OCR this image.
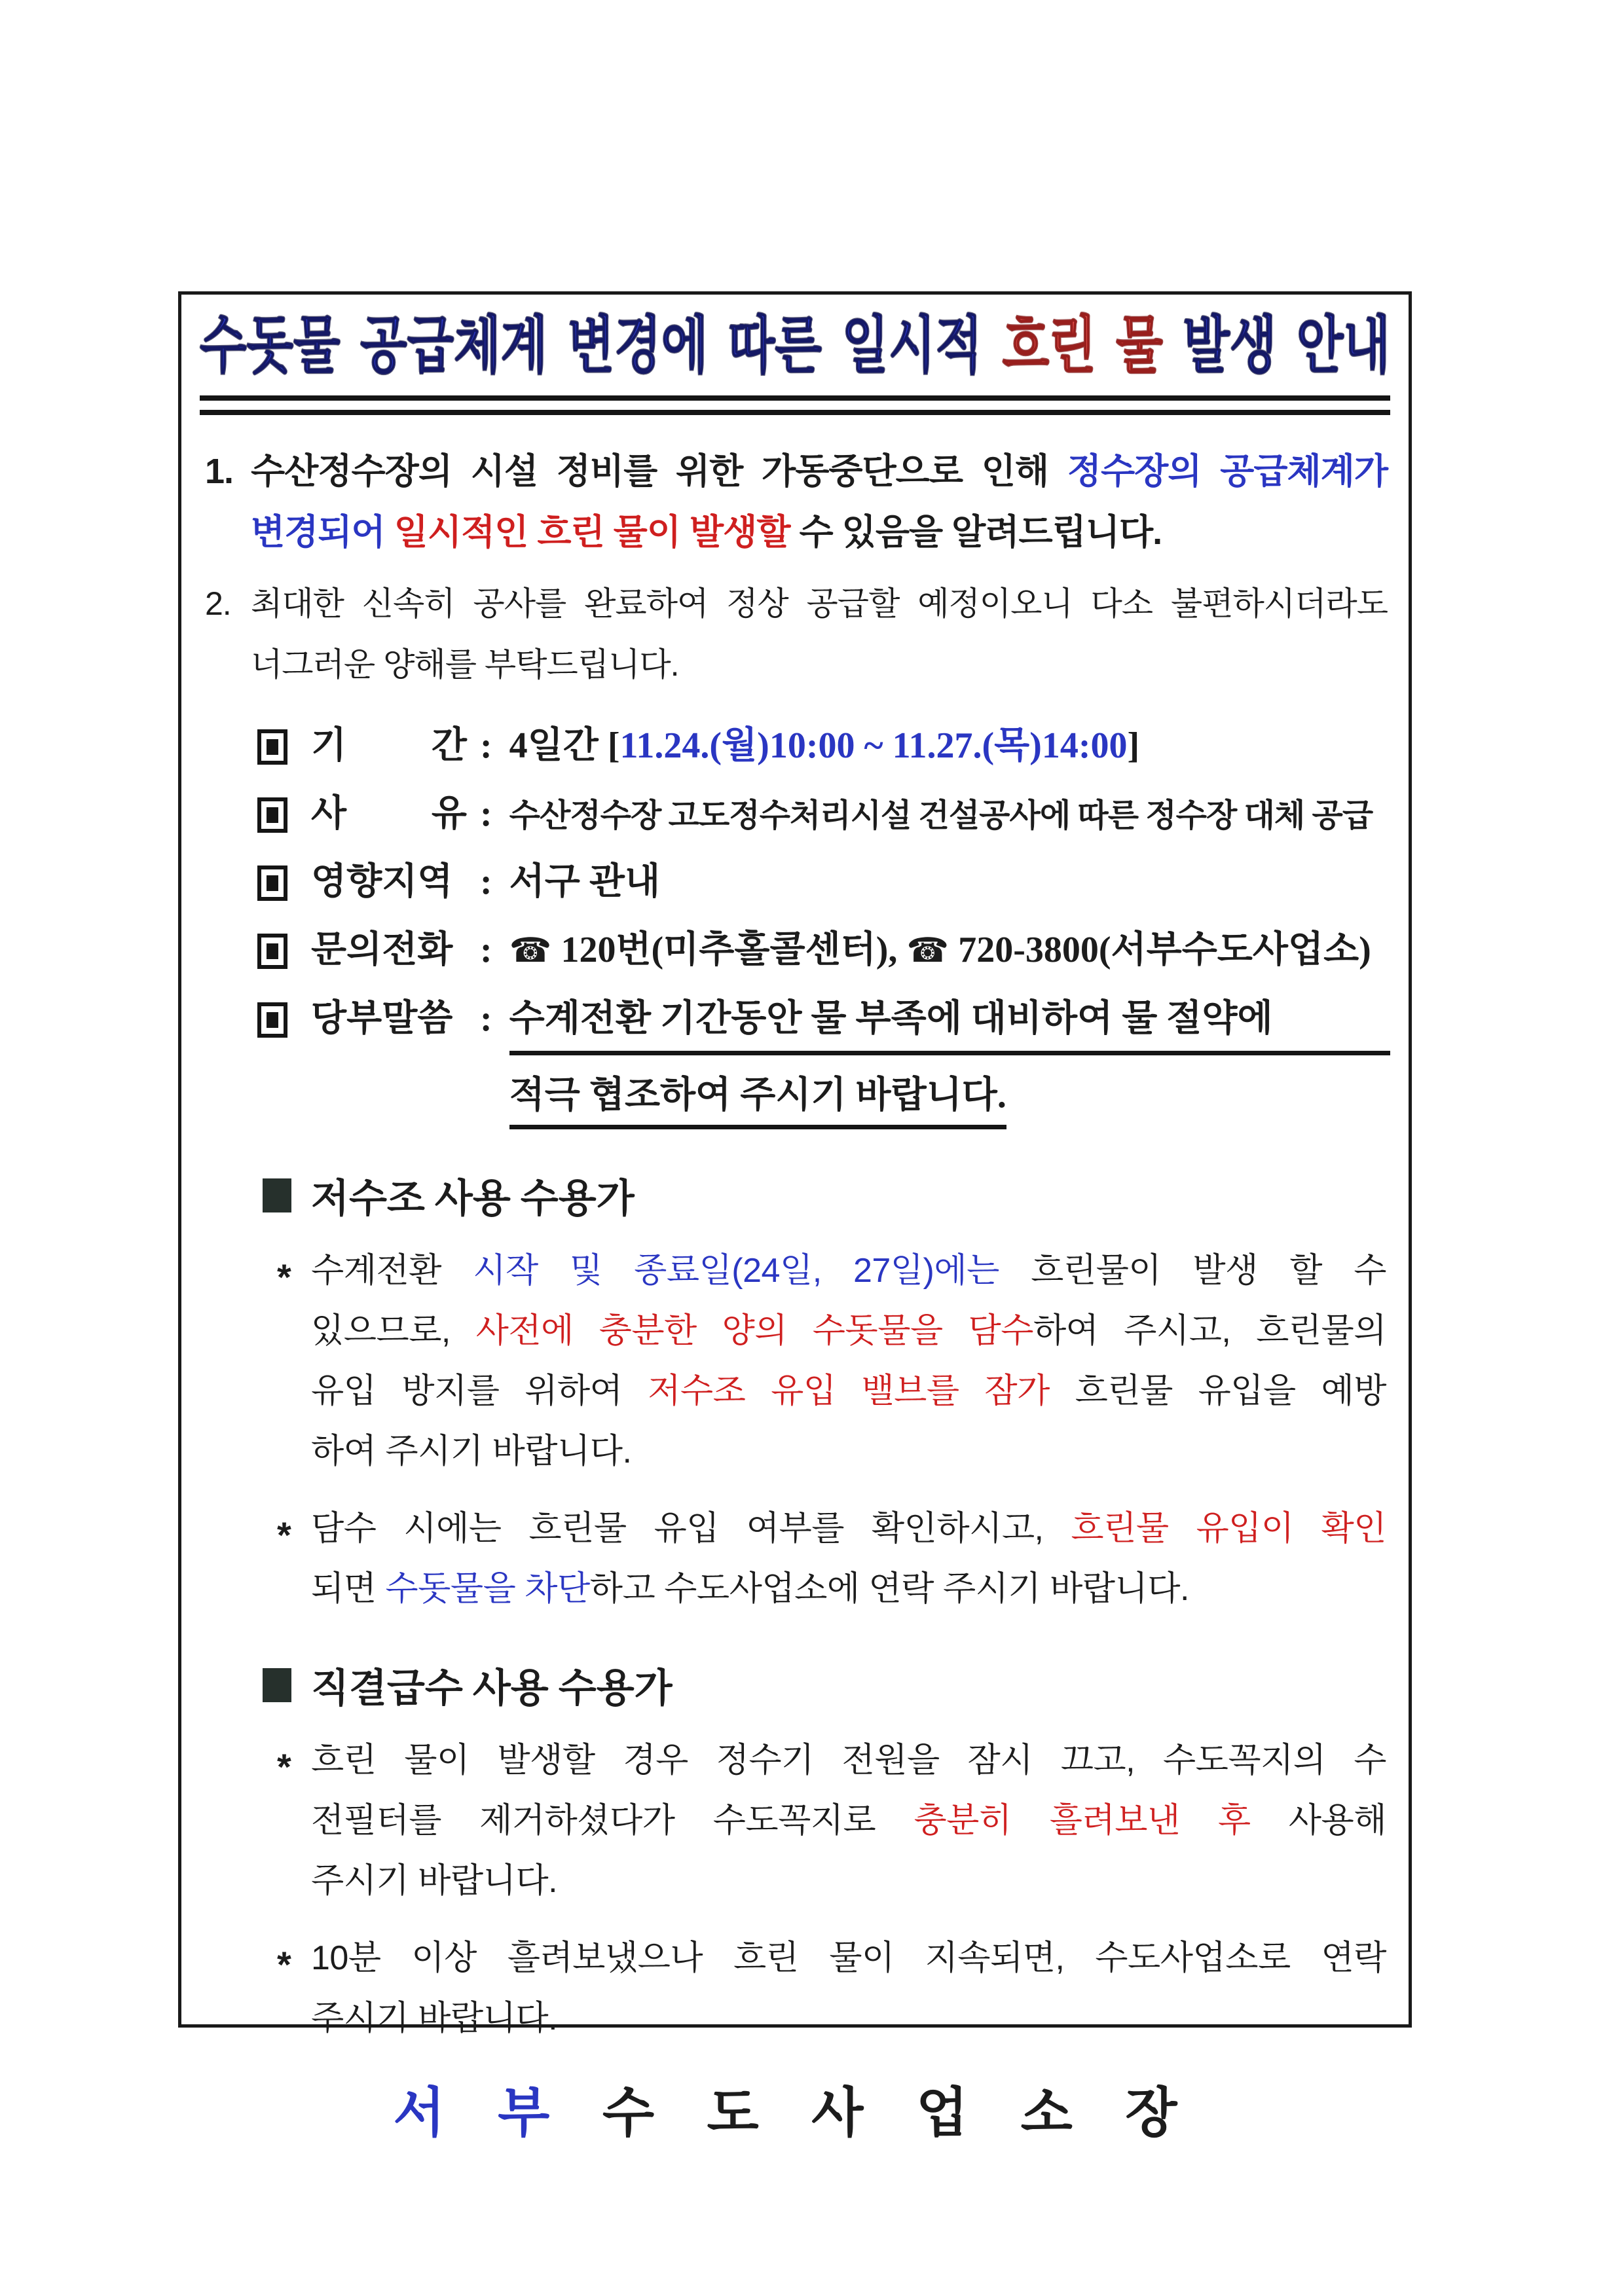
수돗물 공급체계 변경에 따른 일시적 흐린 물 발생 안내
1. 수산정수장의 시설 정비를 위한 가동중단으로 인해 정수장의 공급체계가
변경되어 일시적인 흐린 물이 발생할 수 있음을 알려드립니다.
2. 최대한 신속히 공사를 완료하여 정상 공급할 예정이오니 다소 불편하시더라도
너그러운 양해를 부탁드립니다.
기      간 : 4일간 [11.24.(월)10:00 ~ 11.27.(목)14:00]
사      유 : 수산정수장 고도정수처리시설 건설공사에 따른 정수장 대체 공급
영향지역 : 서구 관내
문의전화 : ☎ 120번(미추홀콜센터), ☎ 720-3800(서부수도사업소)
당부말씀 : 수계전환 기간동안 물 부족에 대비하여 물 절약에
적극 협조하여 주시기 바랍니다.
저수조 사용 수용가
* 수계전환 시작 및 종료일(24일, 27일)에는 흐린물이 발생 할 수
있으므로, 사전에 충분한 양의 수돗물을 담수하여 주시고, 흐린물의
유입 방지를 위하여 저수조 유입 밸브를 잠가 흐린물 유입을 예방
하여 주시기 바랍니다.
* 담수 시에는 흐린물 유입 여부를 확인하시고, 흐린물 유입이 확인
되면 수돗물을 차단하고 수도사업소에 연락 주시기 바랍니다.
직결급수 사용 수용가
* 흐린 물이 발생할 경우 정수기 전원을 잠시 끄고, 수도꼭지의 수
전필터를 제거하셨다가 수도꼭지로 충분히 흘려보낸 후 사용해
주시기 바랍니다.
* 10분 이상 흘려보냈으나 흐린 물이 지속되면, 수도사업소로 연락
주시기 바랍니다.
서 부 수 도 사 업 소 장
